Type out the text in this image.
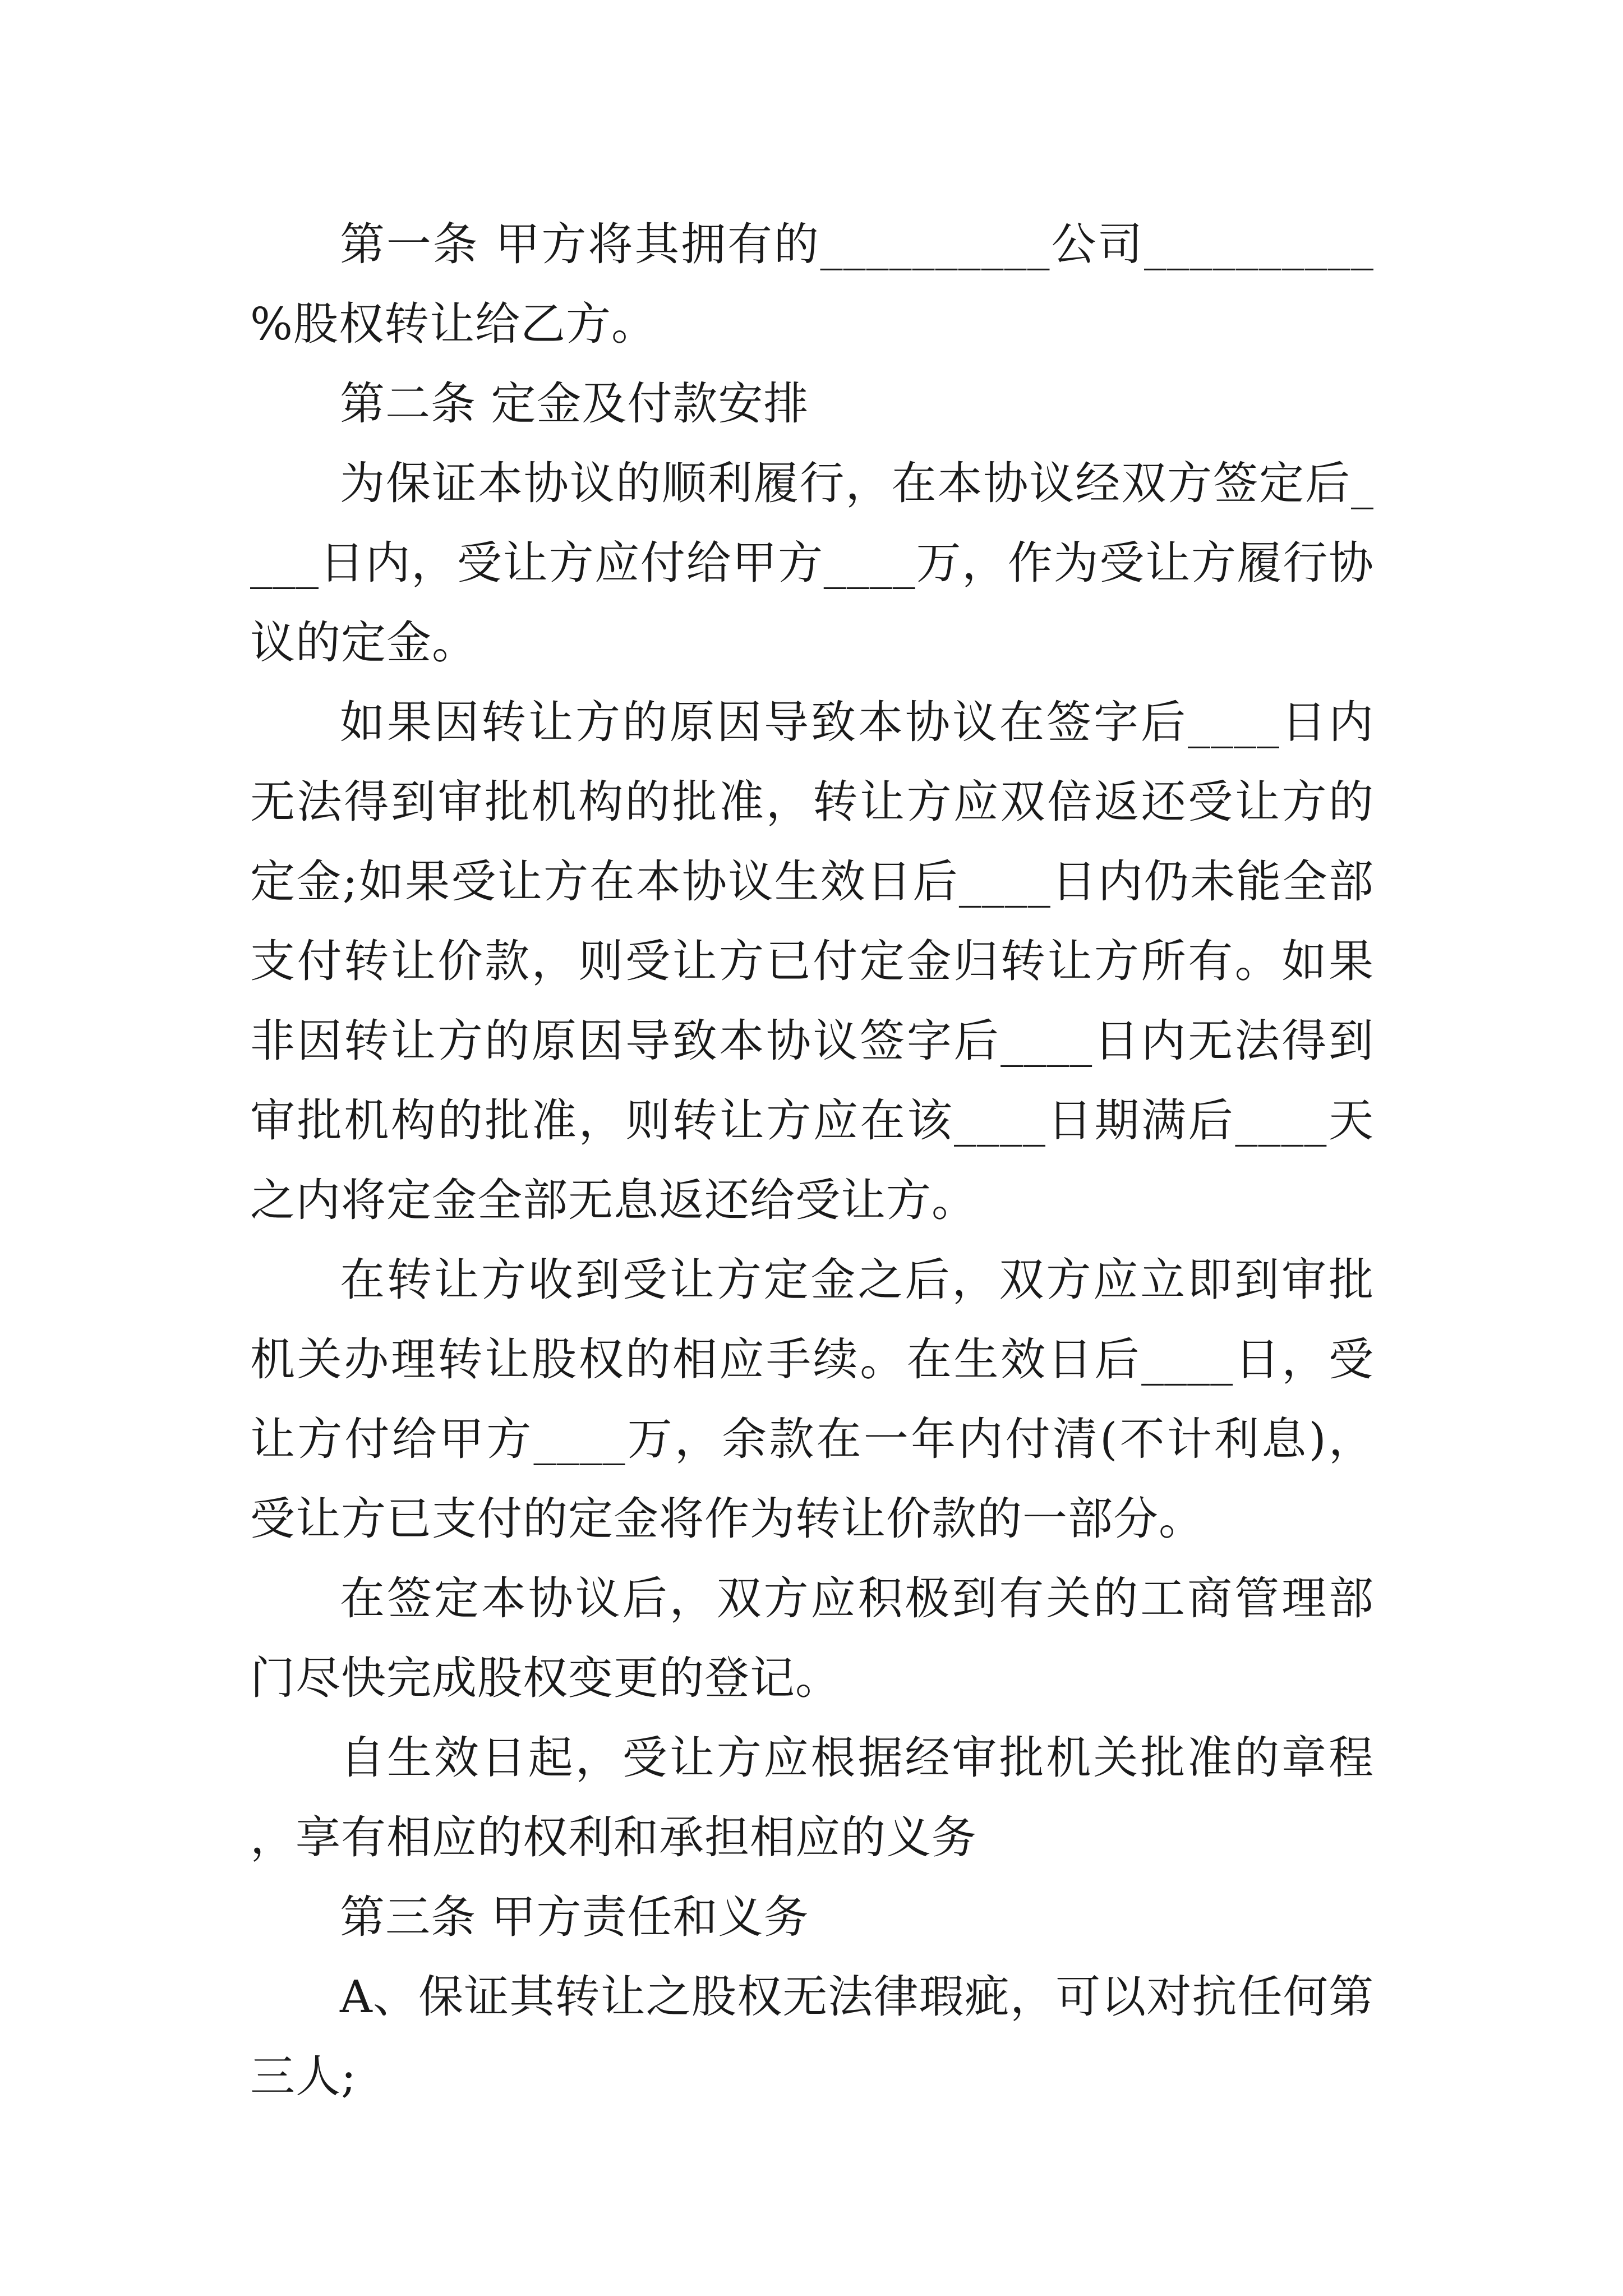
第一条 甲方将其拥有的__________公司__________%股权转让给乙方。

第二条 定金及付款安排

为保证本协议的顺利履行，在本协议经双方签定后____日内，受让方应付给甲方____万，作为受让方履行协议的定金。

如果因转让方的原因导致本协议在签字后____日内无法得到审批机构的批准，转让方应双倍返还受让方的定金;如果受让方在本协议生效日后____日内仍未能全部支付转让价款，则受让方已付定金归转让方所有。如果非因转让方的原因导致本协议签字后____日内无法得到审批机构的批准，则转让方应在该____日期满后____天之内将定金全部无息返还给受让方。

在转让方收到受让方定金之后，双方应立即到审批机关办理转让股权的相应手续。在生效日后____日，受让方付给甲方____万，余款在一年内付清(不计利息)，受让方已支付的定金将作为转让价款的一部分。

在签定本协议后，双方应积极到有关的工商管理部门尽快完成股权变更的登记。

自生效日起，受让方应根据经审批机关批准的章程，享有相应的权利和承担相应的义务

第三条 甲方责任和义务

A、保证其转让之股权无法律瑕疵，可以对抗任何第三人;
